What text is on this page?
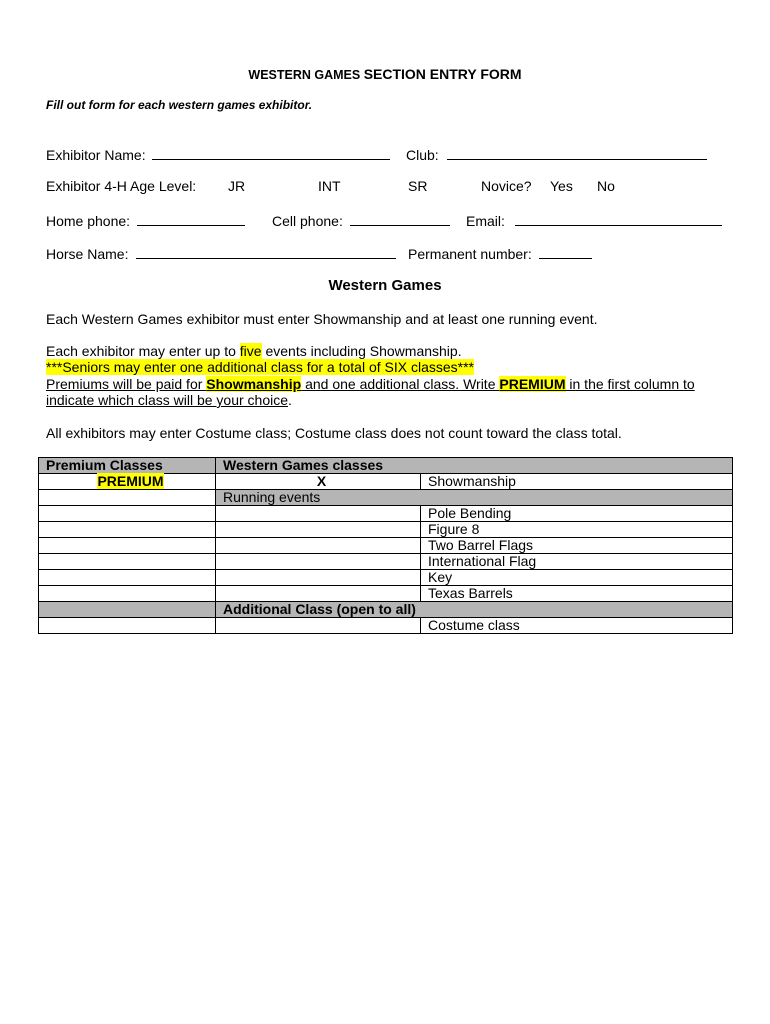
WESTERN GAMES SECTION ENTRY FORM
Fill out form for each western games exhibitor.
Exhibitor Name:	Club:
Exhibitor 4-H Age Level: JR	INT	SR	Novice? Yes No
Home phone:	Cell phone:	Email:
Horse Name:	Permanent number:
Western Games
Each Western Games exhibitor must enter Showmanship and at least one running event.
Each exhibitor may enter up to five events including Showmanship.
***Seniors may enter one additional class for a total of SIX classes***
Premiums will be paid for Showmanship and one additional class. Write PREMIUM in the first column to
indicate which class will be your choice.
All exhibitors may enter Costume class; Costume class does not count toward the class total.
Premium Classes	Western Games classes	
PREMIUM	X	Showmanship
	Running events	
		Pole Bending
		Figure 8
		Two Barrel Flags
		International Flag
		Key
		Texas Barrels
	Additional Class (open to all)	
		Costume class
